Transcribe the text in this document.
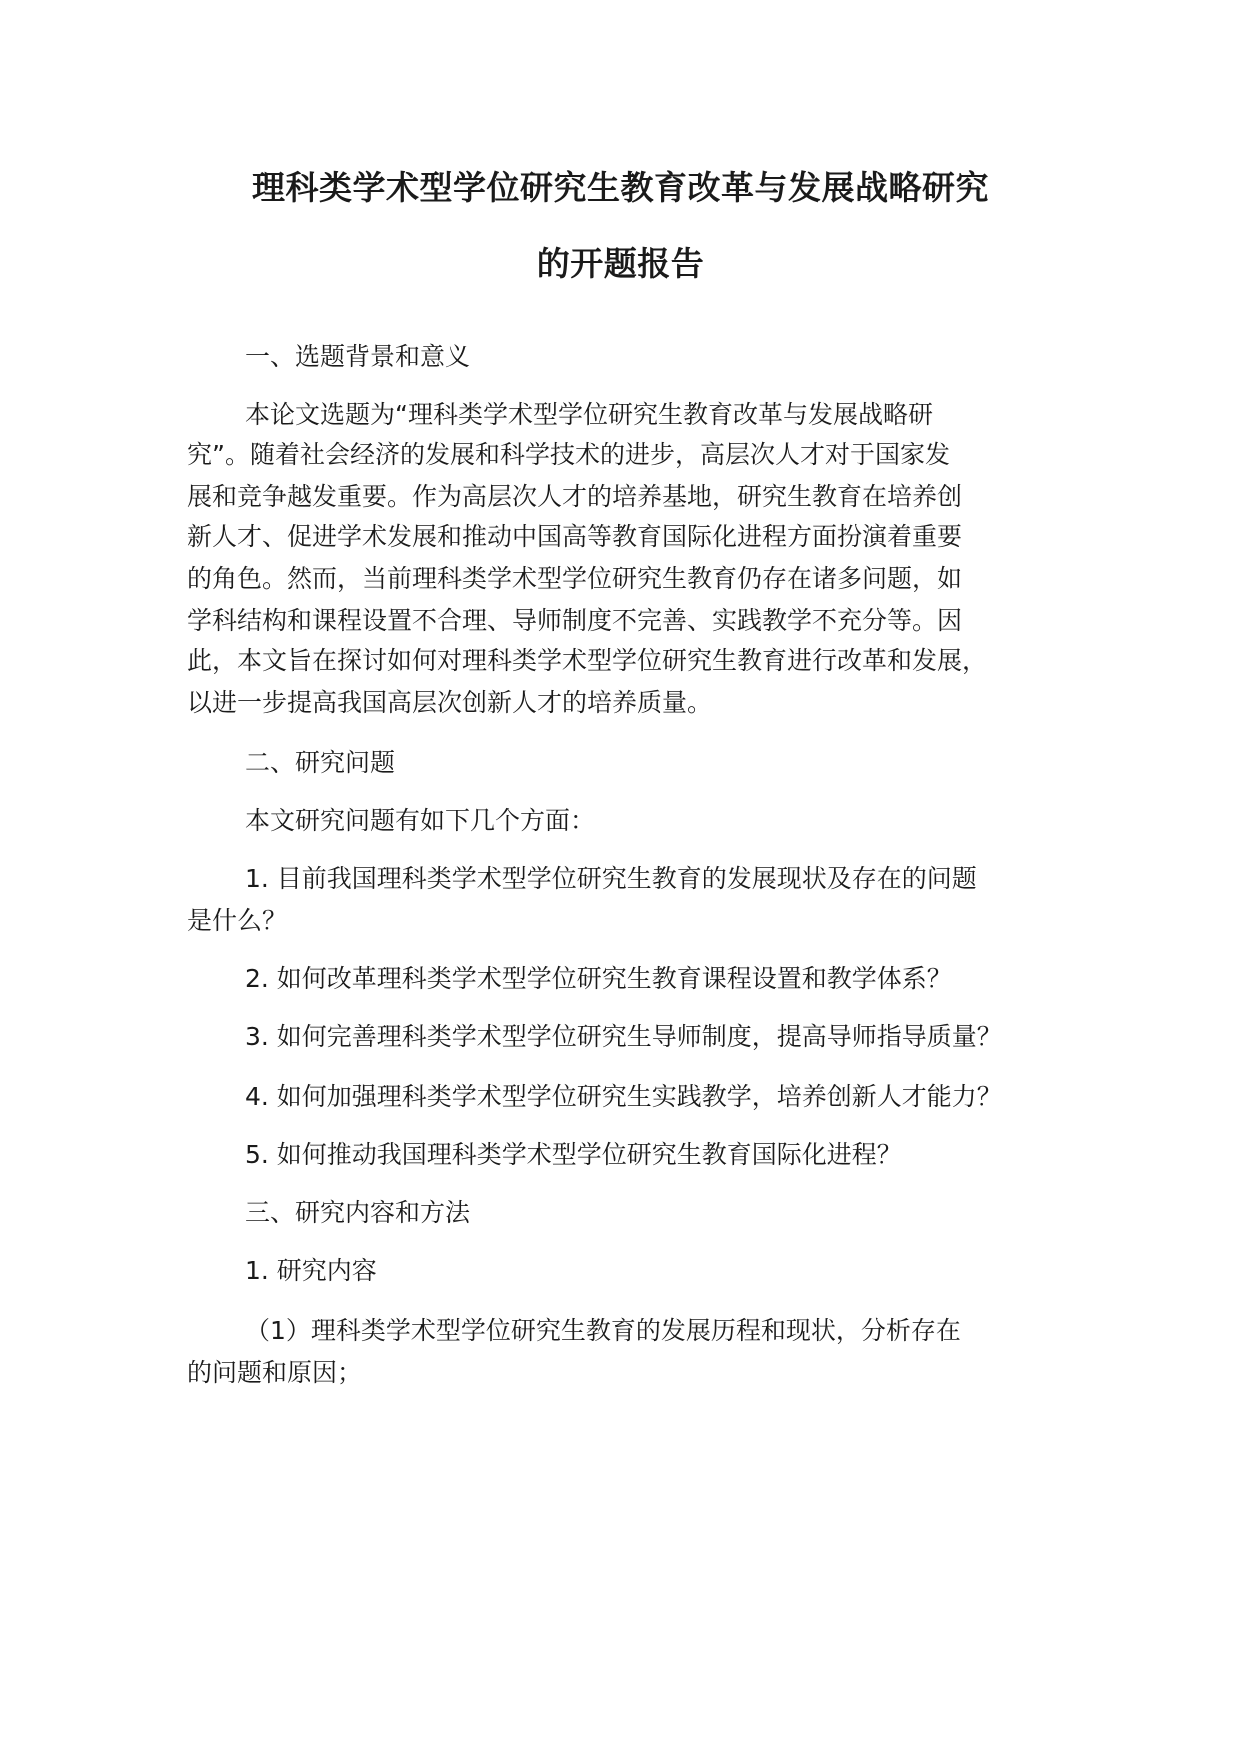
理科类学术型学位研究生教育改革与发展战略研究
的开题报告
一、选题背景和意义
本论文选题为“理科类学术型学位研究生教育改革与发展战略研
究”。随着社会经济的发展和科学技术的进步，高层次人才对于国家发
展和竞争越发重要。作为高层次人才的培养基地，研究生教育在培养创
新人才、促进学术发展和推动中国高等教育国际化进程方面扮演着重要
的角色。然而，当前理科类学术型学位研究生教育仍存在诸多问题，如
学科结构和课程设置不合理、导师制度不完善、实践教学不充分等。因
此，本文旨在探讨如何对理科类学术型学位研究生教育进行改革和发展，
以进一步提高我国高层次创新人才的培养质量。
二、研究问题
本文研究问题有如下几个方面：
1. 目前我国理科类学术型学位研究生教育的发展现状及存在的问题
是什么？
2. 如何改革理科类学术型学位研究生教育课程设置和教学体系？
3. 如何完善理科类学术型学位研究生导师制度，提高导师指导质量？
4. 如何加强理科类学术型学位研究生实践教学，培养创新人才能力？
5. 如何推动我国理科类学术型学位研究生教育国际化进程？
三、研究内容和方法
1. 研究内容
（1）理科类学术型学位研究生教育的发展历程和现状，分析存在
的问题和原因；
